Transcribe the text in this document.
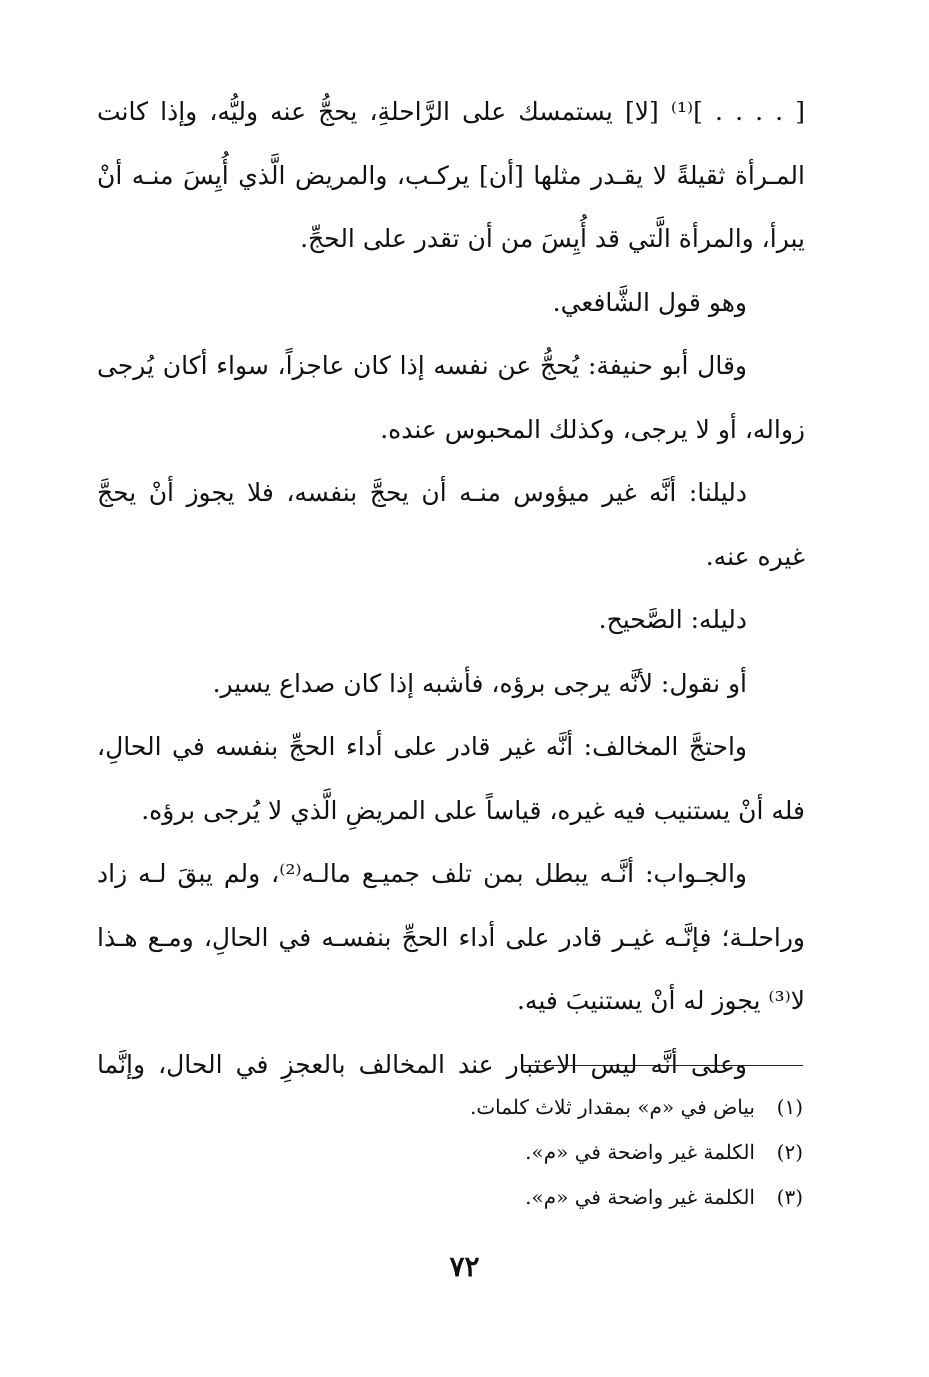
[ . . . . ]⁽¹⁾ [لا] يستمسك على الرَّاحلةِ، يحجُّ عنه وليُّه، وإذا كانت المـرأة ثقيلةً لا يقـدر مثلها [أن] يركـب، والمريض الَّذي أُيِسَ منـه أنْ يبرأ، والمرأة الَّتي قد أُيِسَ من أن تقدر على الحجِّ.

وهو قول الشَّافعي.

وقال أبو حنيفة: يُحجُّ عن نفسه إذا كان عاجزاً، سواء أكان يُرجى زواله، أو لا يرجى، وكذلك المحبوس عنده.

دليلنا: أنَّه غير ميؤوس منـه أن يحجَّ بنفسه، فلا يجوز أنْ يحجَّ غيره عنه.

دليله: الصَّحيح.

أو نقول: لأنَّه يرجى برؤه، فأشبه إذا كان صداع يسير.

واحتجَّ المخالف: أنَّه غير قادر على أداء الحجِّ بنفسه في الحالِ، فله أنْ يستنيب فيه غيره، قياساً على المريضِ الَّذي لا يُرجى برؤه.

والجـواب: أنَّـه يبطل بمن تلف جميـع مالـه⁽²⁾، ولم يبقَ لـه زاد وراحلـة؛ فإنَّـه غيـر قادر على أداء الحجِّ بنفسـه في الحالِ، ومـع هـذا لا⁽³⁾ يجوز له أنْ يستنيبَ فيه.

وعلى أنَّه ليس الاعتبار عند المخالف بالعجزِ في الحال، وإنَّما

(١)
بياض في «م» بمقدار ثلاث كلمات.
(٢)
الكلمة غير واضحة في «م».
(٣)
الكلمة غير واضحة في «م».
٧٢
